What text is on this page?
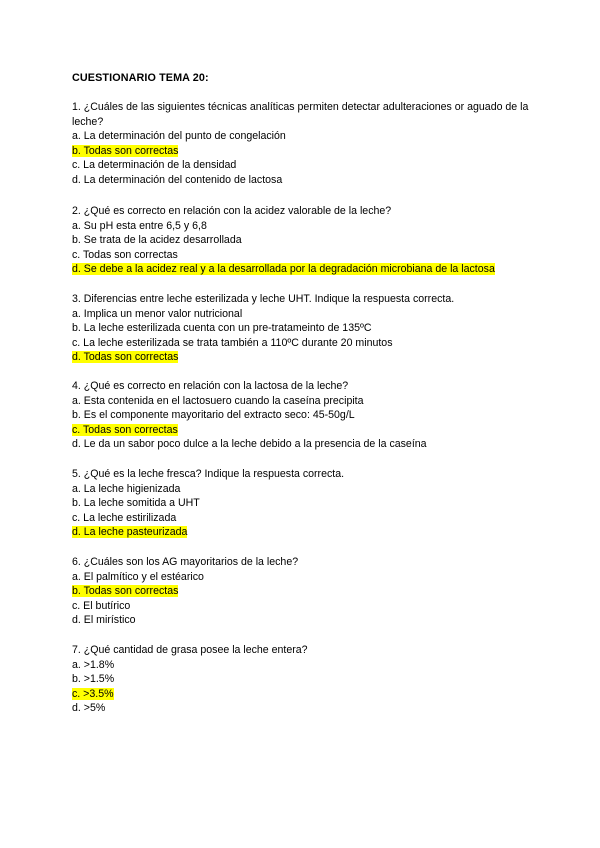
CUESTIONARIO TEMA 20:
1. ¿Cuáles de las siguientes técnicas analíticas permiten detectar adulteraciones or aguado de la leche?
a. La determinación del punto de congelación
b. Todas son correctas
c. La determinación de la densidad
d. La determinación del contenido de lactosa
2. ¿Qué es correcto en relación con la acidez valorable de la leche?
a. Su pH esta entre 6,5 y 6,8
b. Se trata de la acidez desarrollada
c. Todas son correctas
d. Se debe a la acidez real y a la desarrollada por la degradación microbiana de la lactosa
3. Diferencias entre leche esterilizada y leche UHT. Indique la respuesta correcta.
a. Implica un menor valor nutricional
b. La leche esterilizada cuenta con un pre-tratameinto de 135ºC
c. La leche esterilizada se trata también a 110ºC durante 20 minutos
d. Todas son correctas
4. ¿Qué es correcto en relación con la lactosa de la leche?
a. Esta contenida en el lactosuero cuando la caseína precipita
b. Es el componente mayoritario del extracto seco: 45-50g/L
c. Todas son correctas
d. Le da un sabor poco dulce a la leche debido a la presencia de la caseína
5. ¿Qué es la leche fresca? Indique la respuesta correcta.
a. La leche higienizada
b. La leche somitida a UHT
c. La leche estirilizada
d. La leche pasteurizada
6. ¿Cuáles son los AG mayoritarios de la leche?
a. El palmítico y el estéarico
b. Todas son correctas
c. El butírico
d. El mirístico
7. ¿Qué cantidad de grasa posee la leche entera?
a. >1.8%
b. >1.5%
c. >3.5%
d. >5%
